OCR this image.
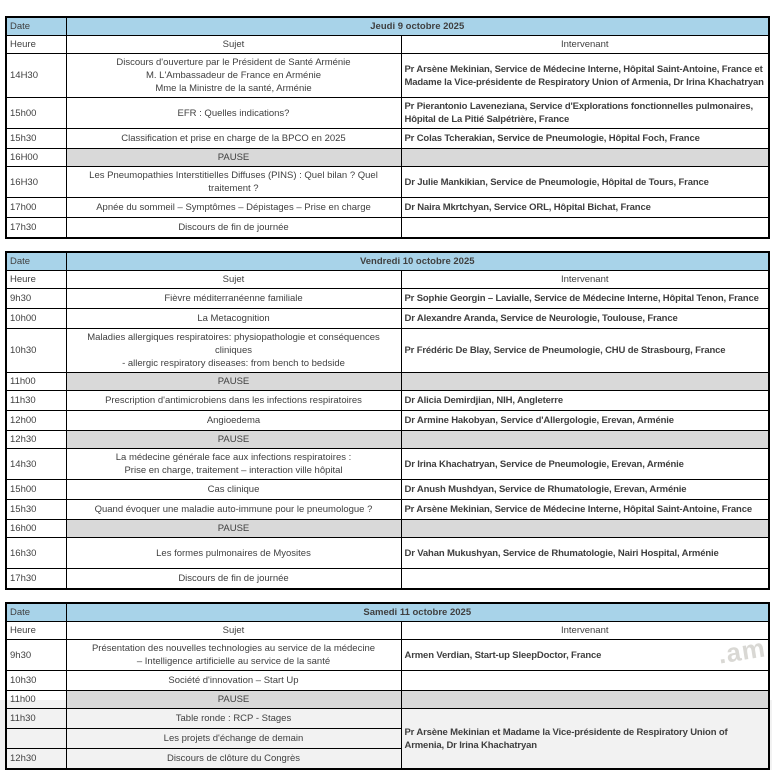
Date	Jeudi 9 octobre 2025	
Heure	Sujet	Intervenant
14H30	Discours d'ouverture par le Président de Santé Arménie
M. L'Ambassadeur de France en Arménie
Mme la Ministre de la santé, Arménie	Pr Arsène Mekinian, Service de Médecine Interne, Hôpital Saint-Antoine, France et Madame la Vice-présidente de Respiratory Union of Armenia, Dr Irina Khachatryan
15h00	EFR : Quelles indications?	Pr Pierantonio Laveneziana, Service d'Explorations fonctionnelles pulmonaires, Hôpital de La Pitié Salpétrière, France
15h30	Classification et prise en charge de la BPCO en 2025	Pr Colas Tcherakian, Service de Pneumologie, Hôpital Foch, France
16H00	PAUSE	
16H30	Les Pneumopathies Interstitielles Diffuses (PINS) : Quel bilan ? Quel traitement ?	Dr Julie Mankikian, Service de Pneumologie, Hôpital de Tours, France
17h00	Apnée du sommeil – Symptômes – Dépistages – Prise en charge	Dr Naira Mkrtchyan, Service ORL, Hôpital Bichat, France
17h30	Discours de fin de journée	
Date	Vendredi 10 octobre 2025	
Heure	Sujet	Intervenant
9h30	Fièvre méditerranéenne familiale	Pr Sophie Georgin – Lavialle, Service de Médecine Interne, Hôpital Tenon, France
10h00	La Metacognition	Dr Alexandre Aranda, Service de Neurologie, Toulouse, France
10h30	Maladies allergiques respiratoires: physiopathologie et conséquences cliniques
- allergic respiratory diseases: from bench to bedside	Pr Frédéric De Blay, Service de Pneumologie, CHU de Strasbourg, France
11h00	PAUSE	
11h30	Prescription d'antimicrobiens dans les infections respiratoires	Dr Alicia Demirdjian, NIH, Angleterre
12h00	Angioedema	Dr Armine Hakobyan, Service d'Allergologie, Erevan, Arménie
12h30	PAUSE	
14h30	La médecine générale face aux infections respiratoires :
Prise en charge, traitement – interaction ville hôpital	Dr Irina Khachatryan, Service de Pneumologie, Erevan, Arménie
15h00	Cas clinique	Dr Anush Mushdyan, Service de Rhumatologie, Erevan, Arménie
15h30	Quand évoquer une maladie auto-immune pour le pneumologue ?	Pr Arsène Mekinian, Service de Médecine Interne, Hôpital Saint-Antoine, France
16h00	PAUSE	
16h30	Les formes pulmonaires de Myosites	Dr Vahan Mukushyan, Service de Rhumatologie, Nairi Hospital, Arménie
17h30	Discours de fin de journée	
Date	Samedi 11 octobre 2025	
Heure	Sujet	Intervenant
9h30	Présentation des nouvelles technologies au service de la médecine
– Intelligence artificielle au service de la santé	Armen Verdian, Start-up SleepDoctor, France
10h30	Société d'innovation – Start Up	
11h00	PAUSE	
11h30	Table ronde : RCP - Stages	Pr Arsène Mekinian et Madame la Vice-présidente de Respiratory Union of Armenia, Dr Irina Khachatryan
	Les projets d'échange de demain	
12h30	Discours de clôture du Congrès	
.am
